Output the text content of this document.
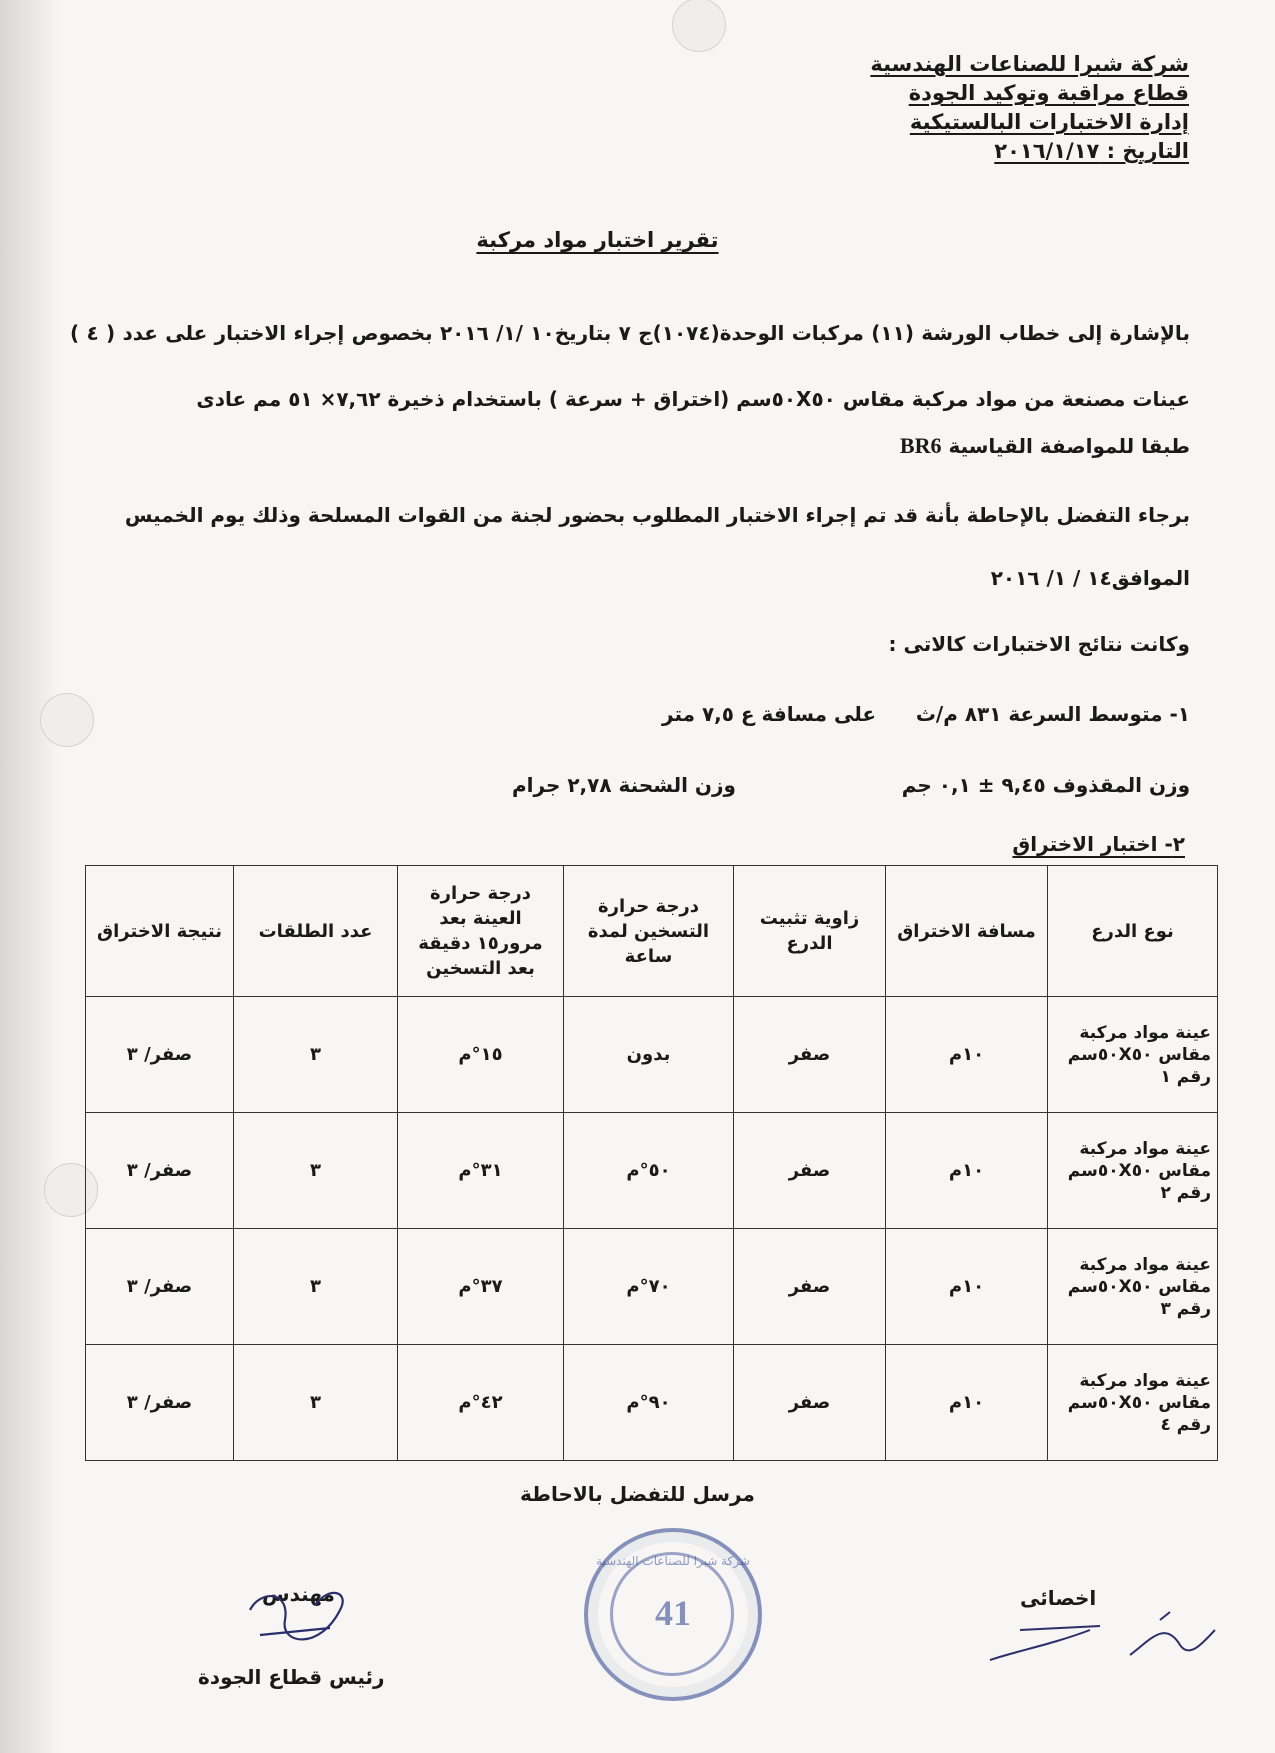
شركة شبرا للصناعات الهندسية
قطاع مراقبة وتوكيد الجودة
إدارة الاختبارات البالستيكية
التاريخ : ٢٠١٦/١/١٧
تقرير اختبار مواد مركبة
بالإشارة إلى خطاب الورشة (١١) مركبات الوحدة(١٠٧٤)ج ٧ بتاريخ١٠ /١/ ٢٠١٦ بخصوص إجراء الاختبار على عدد ( ٤ ) عينات مصنعة من مواد مركبة مقاس ٥٠X٥٠سم (اختراق + سرعة ) باستخدام ذخيرة ٧,٦٢× ٥١ مم عادى
طبقا للمواصفة القياسية BR6
برجاء التفضل بالإحاطة بأنة قد تم إجراء الاختبار المطلوب بحضور لجنة من القوات المسلحة وذلك يوم الخميس
الموافق١٤ / ١/ ٢٠١٦
وكانت نتائج الاختبارات كالاتى :
١- متوسط السرعة ٨٣١ م/ث
على مسافة ع ٧,٥ متر
وزن المقذوف ٩,٤٥ ± ٠,١ جم
وزن الشحنة ٢,٧٨ جرام
٢- اختبار الاختراق
نوع الدرع	مسافة الاختراق	زاوية تثبيت الدرع	درجة حرارة التسخين لمدة ساعة	درجة حرارة العينة بعد مرور١٥ دقيقة بعد التسخين	عدد الطلقات	نتيجة الاختراق
عينة مواد مركبة مقاس ٥٠X٥٠سم رقم ١	١٠م	صفر	بدون	١٥°م	٣	صفر/ ٣
عينة مواد مركبة مقاس ٥٠X٥٠سم رقم ٢	١٠م	صفر	٥٠°م	٣١°م	٣	صفر/ ٣
عينة مواد مركبة مقاس ٥٠X٥٠سم رقم ٣	١٠م	صفر	٧٠°م	٣٧°م	٣	صفر/ ٣
عينة مواد مركبة مقاس ٥٠X٥٠سم رقم ٤	١٠م	صفر	٩٠°م	٤٢°م	٣	صفر/ ٣
مرسل للتفضل بالاحاطة
اخصائى
مهندس
رئيس قطاع الجودة
شركة شبرا للصناعات الهندسية
41
